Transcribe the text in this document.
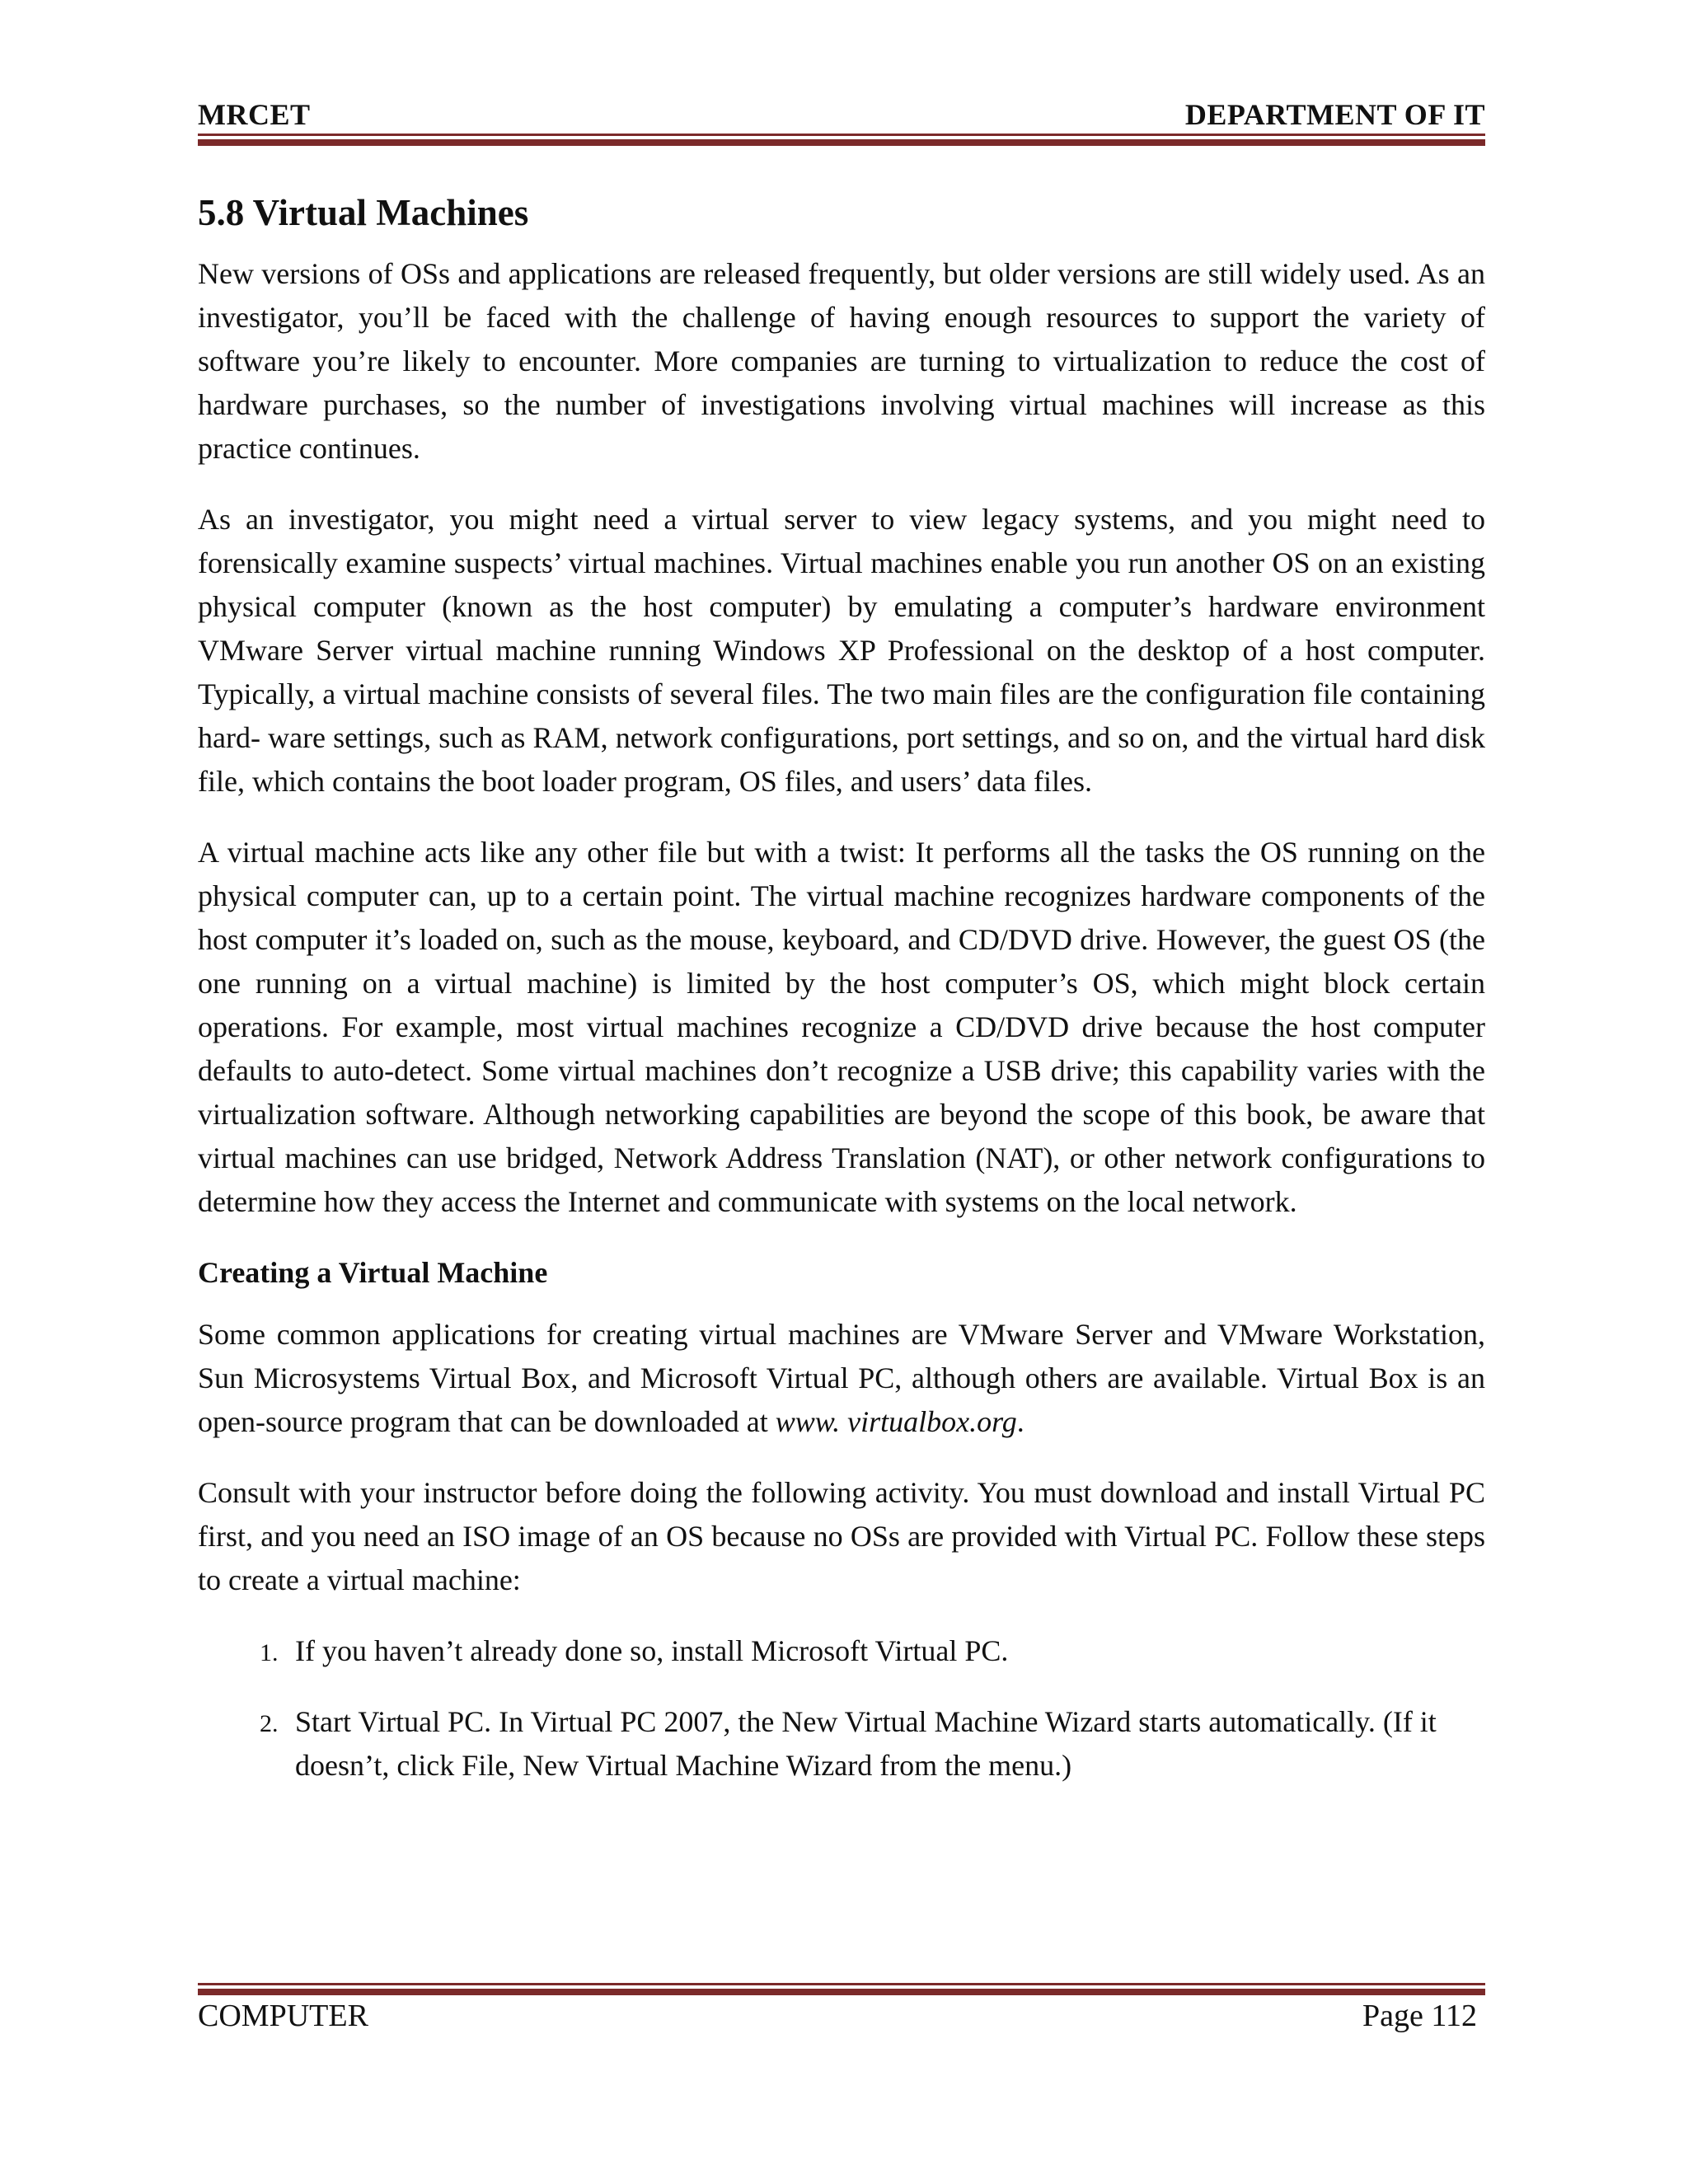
MRCET	DEPARTMENT OF IT
5.8 Virtual Machines

New versions of OSs and applications are released frequently, but older versions are still widely used. As an investigator, you’ll be faced with the challenge of having enough resources to support the variety of software you’re likely to encounter. More companies are turning to virtualization to reduce the cost of hardware purchases, so the number of investigations involving virtual machines will increase as this practice continues.

As an investigator, you might need a virtual server to view legacy systems, and you might need to forensically examine suspects’ virtual machines. Virtual machines enable you run another OS on an existing physical computer (known as the host computer) by emulating a computer’s hardware environment VMware Server virtual machine running Windows XP Professional on the desktop of a host computer. Typically, a virtual machine consists of several files. The two main files are the configuration file containing hard- ware settings, such as RAM, network configurations, port settings, and so on, and the virtual hard disk file, which contains the boot loader program, OS files, and users’ data files.

A virtual machine acts like any other file but with a twist: It performs all the tasks the OS running on the physical computer can, up to a certain point. The virtual machine recognizes hardware components of the host computer it’s loaded on, such as the mouse, keyboard, and CD/DVD drive. However, the guest OS (the one running on a virtual machine) is limited by the host computer’s OS, which might block certain operations. For example, most virtual machines recognize a CD/DVD drive because the host computer defaults to auto-detect. Some virtual machines don’t recognize a USB drive; this capability varies with the virtualization software. Although networking capabilities are beyond the scope of this book, be aware that virtual machines can use bridged, Network Address Translation (NAT), or other network configurations to determine how they access the Internet and communicate with systems on the local network.

Creating a Virtual Machine

Some common applications for creating virtual machines are VMware Server and VMware Workstation, Sun Microsystems Virtual Box, and Microsoft Virtual PC, although others are available. Virtual Box is an open-source program that can be downloaded at www. virtualbox.org.

Consult with your instructor before doing the following activity. You must download and install Virtual PC first, and you need an ISO image of an OS because no OSs are provided with Virtual PC. Follow these steps to create a virtual machine:

1. If you haven’t already done so, install Microsoft Virtual PC.
2. Start Virtual PC. In Virtual PC 2007, the New Virtual Machine Wizard starts automatically. (If it doesn’t, click File, New Virtual Machine Wizard from the menu.)
COMPUTER	Page 112
